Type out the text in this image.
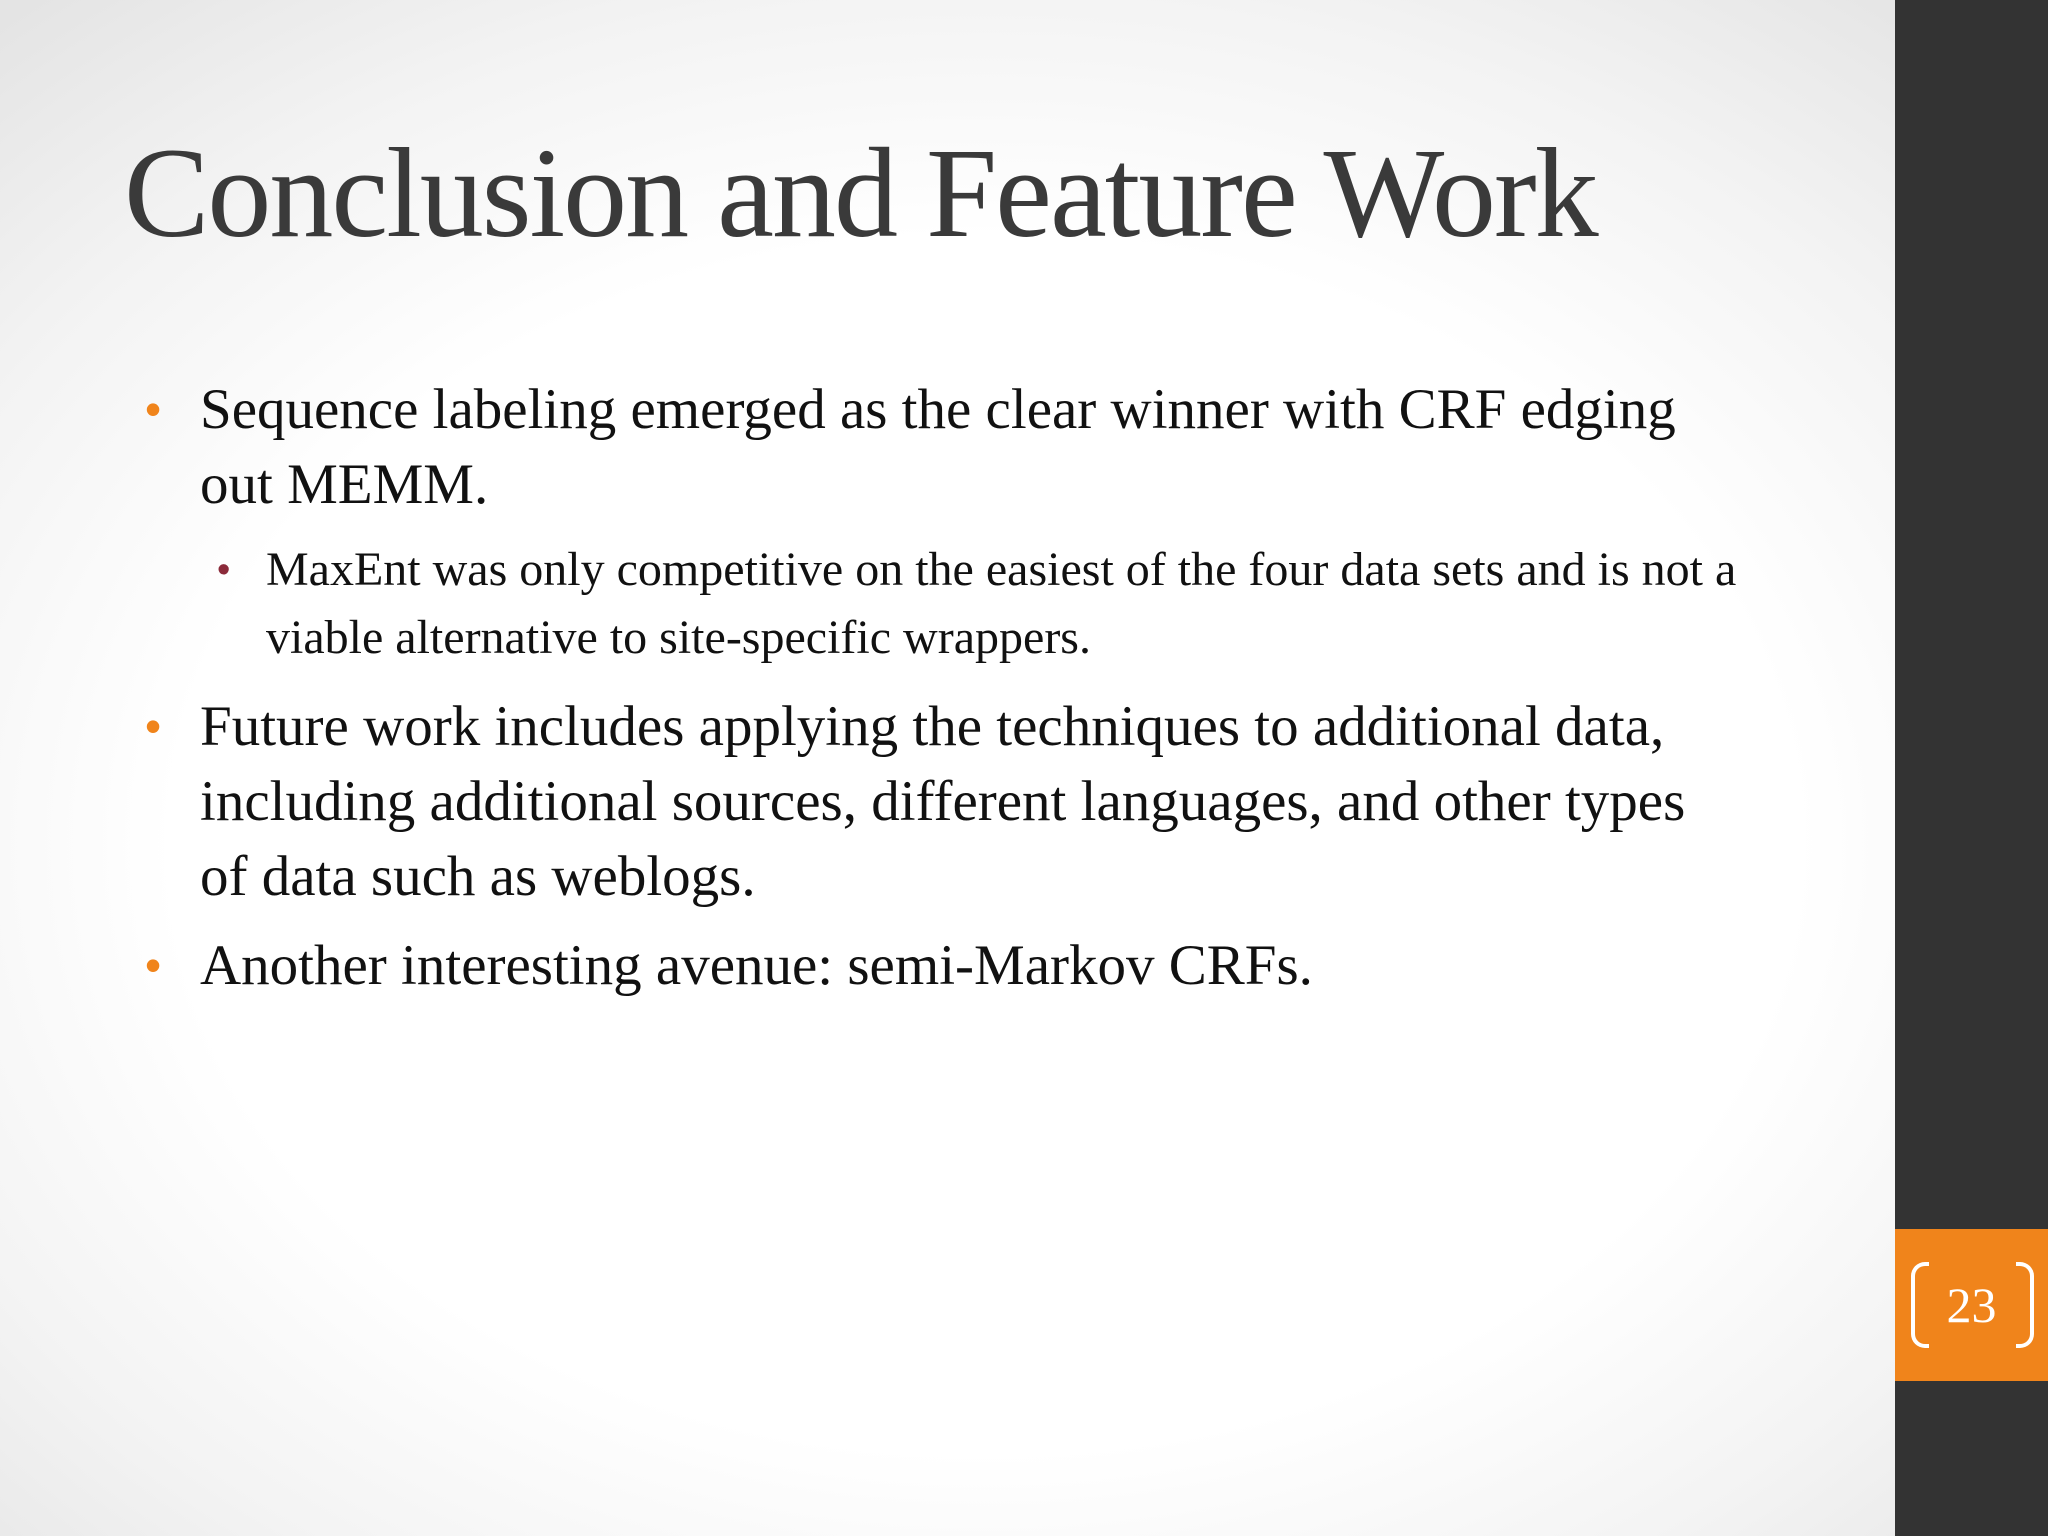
Conclusion and Feature Work
• Sequence labeling emerged as the clear winner with CRF edging out MEMM.
• MaxEnt was only competitive on the easiest of the four data sets and is not a viable alternative to site-specific wrappers.
• Future work includes applying the techniques to additional data, including additional sources, different languages, and other types of data such as weblogs.
• Another interesting avenue: semi-Markov CRFs.
23
